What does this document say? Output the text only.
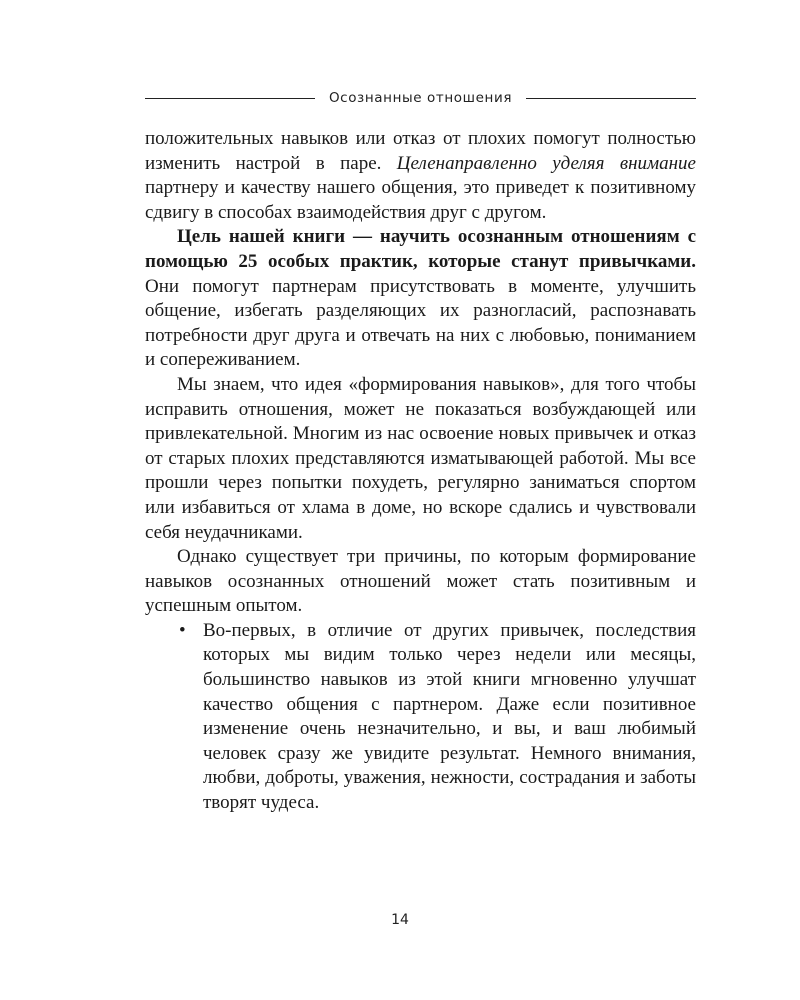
Осознанные отношения

положительных навыков или отказ от плохих помогут полностью изменить настрой в паре. Целенаправленно уделяя внимание партнеру и качеству нашего общения, это приведет к позитивному сдвигу в способах взаимодействия друг с другом.

Цель нашей книги — научить осознанным отношениям с помощью 25 особых практик, которые станут привычками. Они помогут партнерам присутствовать в моменте, улучшить общение, избегать разделяющих их разногласий, распознавать потребности друг друга и отвечать на них с любовью, пониманием и сопереживанием.

Мы знаем, что идея «формирования навыков», для того чтобы исправить отношения, может не показаться возбуждающей или привлекательной. Многим из нас освоение новых привычек и отказ от старых плохих представляются изматывающей работой. Мы все прошли через попытки похудеть, регулярно заниматься спортом или избавиться от хлама в доме, но вскоре сдались и чувствовали себя неудачниками.

Однако существует три причины, по которым формирование навыков осознанных отношений может стать позитивным и успешным опытом.

• Во-первых, в отличие от других привычек, последствия которых мы видим только через недели или месяцы, большинство навыков из этой книги мгновенно улучшат качество общения с партнером. Даже если позитивное изменение очень незначительно, и вы, и ваш любимый человек сразу же увидите результат. Немного внимания, любви, доброты, уважения, нежности, сострадания и заботы творят чудеса.
14
